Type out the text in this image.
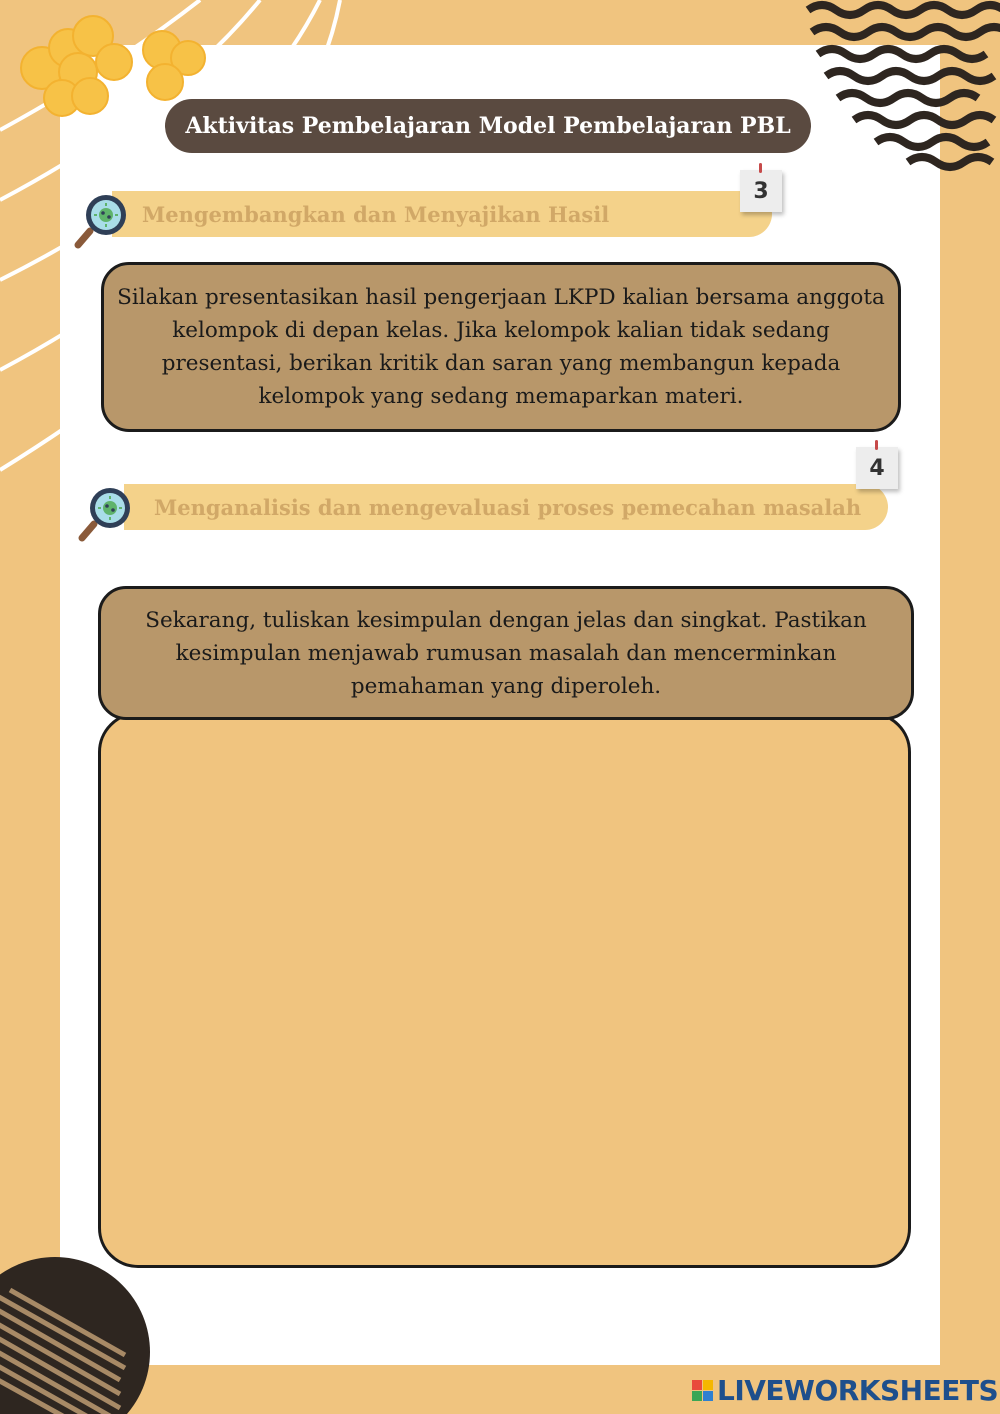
Aktivitas Pembelajaran Model Pembelajaran PBL
Mengembangkan dan Menyajikan Hasil
3
Silakan presentasikan hasil pengerjaan LKPD kalian bersama anggota kelompok di depan kelas. Jika kelompok kalian tidak sedang presentasi, berikan kritik dan saran yang membangun kepada kelompok yang sedang memaparkan materi.
Menganalisis dan mengevaluasi proses pemecahan masalah
4
Sekarang, tuliskan kesimpulan dengan jelas dan singkat. Pastikan kesimpulan menjawab rumusan masalah dan mencerminkan pemahaman yang diperoleh.
LIVEWORKSHEETS
